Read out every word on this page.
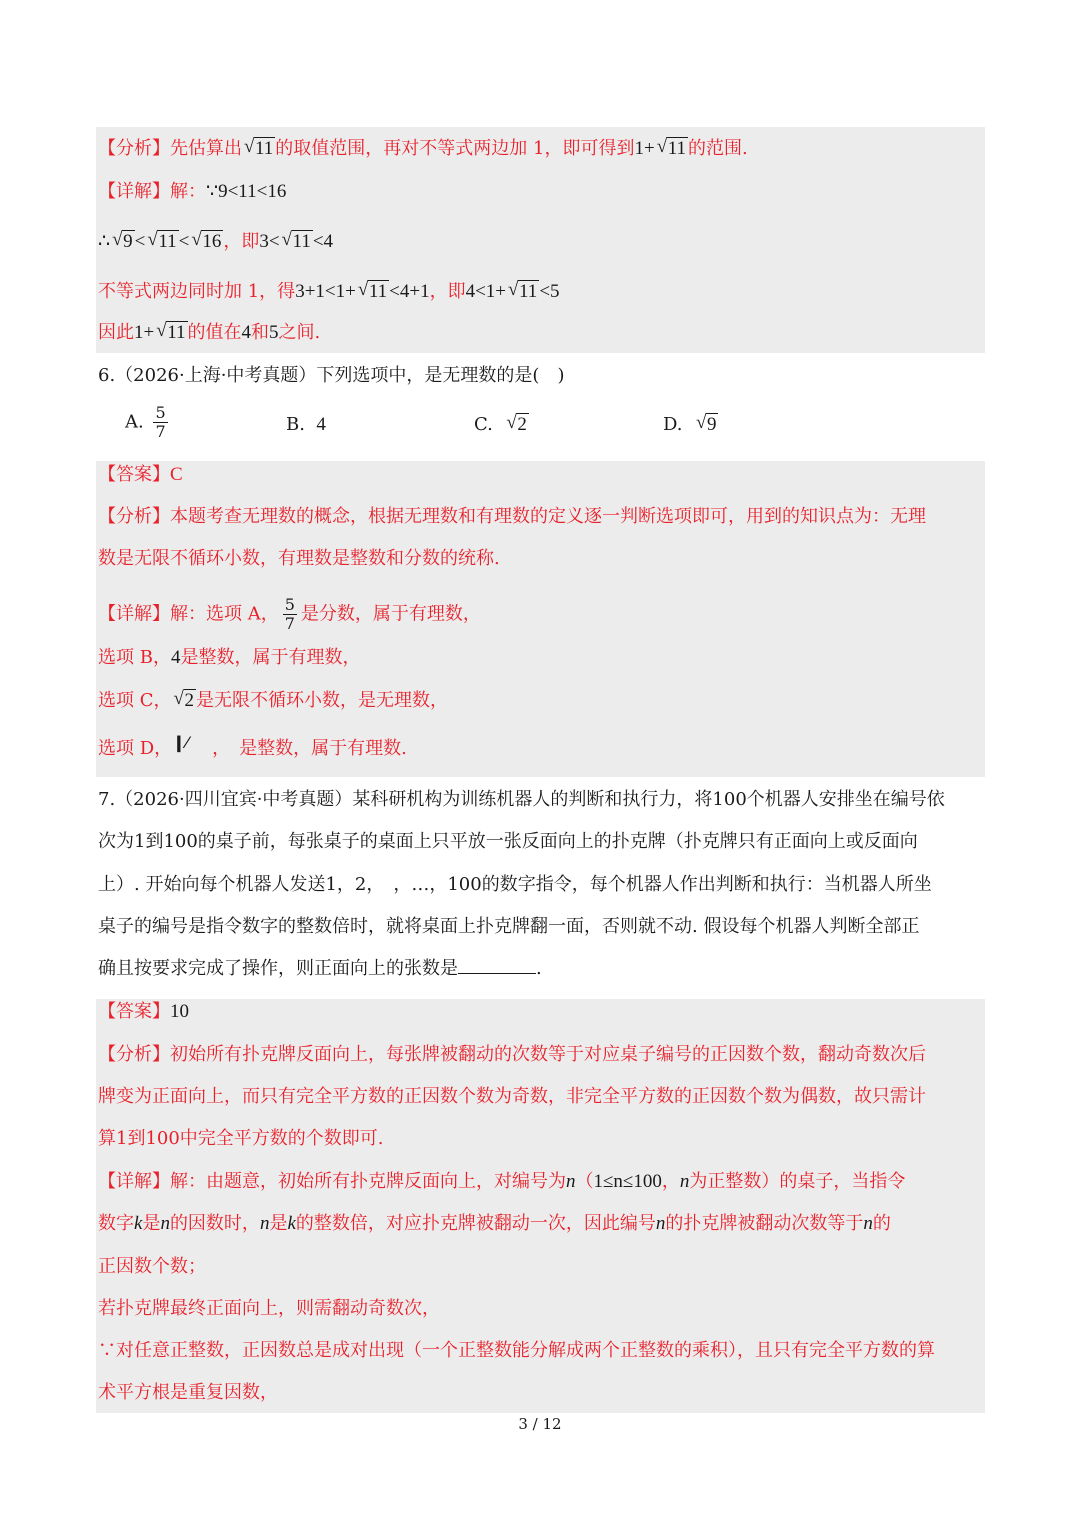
【分析】先估算出 √ 11 的取值范围，再对不等式两边加 1，即可得到1+ √ 11 的范围.
【详解】解：∵9<11<16
∴ √ 9 < √ 11 < √ 16 ，即3< √ 11 <4
不等式两边同时加 1，得3+1<1+ √ 11 <4+1，即4<1+ √ 11 <5
因此1+ √ 11 的值在4和5之间.
6.（2026·上海·中考真题）下列选项中，是无理数的是(　)
A. $\frac{5}{7}$	B. 4	C. √ 2	D. √ 9
【答案】C
【分析】本题考查无理数的概念，根据无理数和有理数的定义逐一判断选项即可，用到的知识点为：无理
数是无限不循环小数，有理数是整数和分数的统称.
【详解】解：选项 A， $\frac{5}{7}$ 是分数，属于有理数，
选项 B，4是整数，属于有理数，
选项 C， √ 2 是无限不循环小数，是无理数，
选项 D，❙⁄ ，　是整数，属于有理数.
7.（2026·四川宜宾·中考真题）某科研机构为训练机器人的判断和执行力，将100个机器人安排坐在编号依
次为1到100的桌子前，每张桌子的桌面上只平放一张反面向上的扑克牌（扑克牌只有正面向上或反面向
上）. 开始向每个机器人发送1，2，　，…，100的数字指令，每个机器人作出判断和执行：当机器人所坐
桌子的编号是指令数字的整数倍时，就将桌面上扑克牌翻一面，否则就不动. 假设每个机器人判断全部正
确且按要求完成了操作，则正面向上的张数是	.
【答案】10
【分析】初始所有扑克牌反面向上，每张牌被翻动的次数等于对应桌子编号的正因数个数，翻动奇数次后
牌变为正面向上，而只有完全平方数的正因数个数为奇数，非完全平方数的正因数个数为偶数，故只需计
算1到100中完全平方数的个数即可.
【详解】解：由题意，初始所有扑克牌反面向上，对编号为n（1≤n≤100，n为正整数）的桌子，当指令
数字k是n的因数时，n是k的整数倍，对应扑克牌被翻动一次，因此编号n的扑克牌被翻动次数等于n的
正因数个数；
若扑克牌最终正面向上，则需翻动奇数次，
∵对任意正整数，正因数总是成对出现（一个正整数能分解成两个正整数的乘积），且只有完全平方数的算
术平方根是重复因数，
3 / 12
